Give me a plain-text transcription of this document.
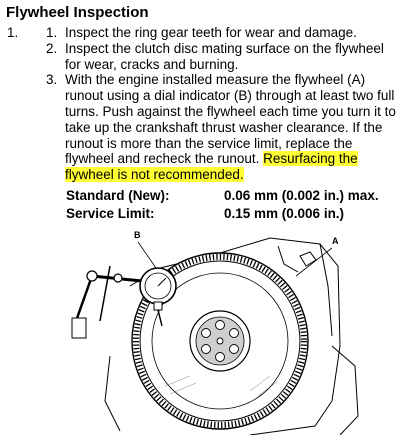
Flywheel Inspection
1. 1. Inspect the ring gear teeth for wear and damage.
2. Inspect the clutch disc mating surface on the flywheel for wear, cracks and burning.
3. With the engine installed measure the flywheel (A) runout using a dial indicator (B) through at least two full turns. Push against the flywheel each time you turn it to take up the crankshaft thrust washer clearance. If the runout is more than the service limit, replace the flywheel and recheck the runout. Resurfacing the flywheel is not recommended.
Standard (New):	0.06 mm (0.002 in.) max.
Service Limit:	0.15 mm (0.006 in.)
B
A
